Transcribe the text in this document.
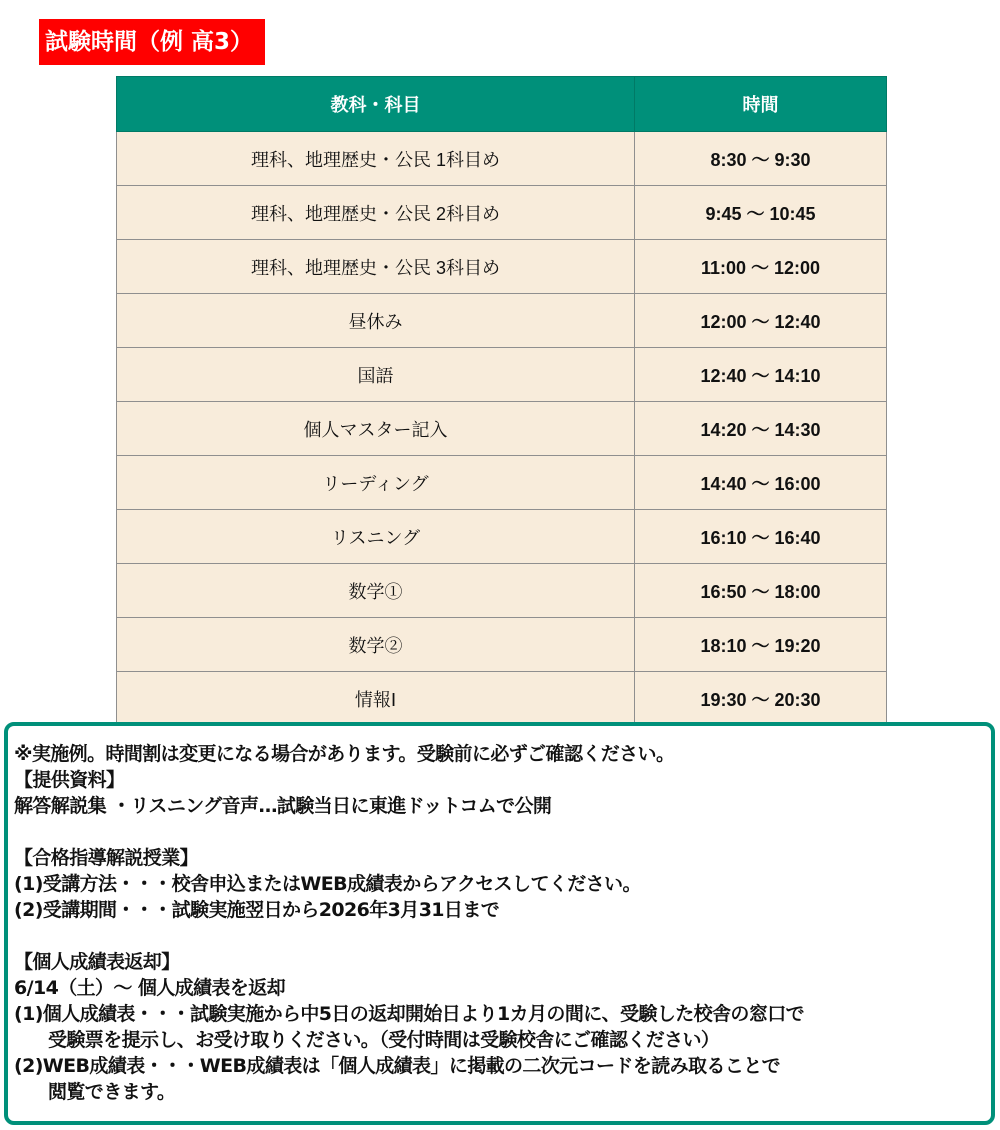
試験時間（例 高3）
教科・科目	時間
理科、地理歴史・公民 1科目め	8:30 〜 9:30
理科、地理歴史・公民 2科目め	9:45 〜 10:45
理科、地理歴史・公民 3科目め	11:00 〜 12:00
昼休み	12:00 〜 12:40
国語	12:40 〜 14:10
個人マスター記入	14:20 〜 14:30
リーディング	14:40 〜 16:00
リスニング	16:10 〜 16:40
数学①	16:50 〜 18:00
数学②	18:10 〜 19:20
情報Ⅰ	19:30 〜 20:30
※実施例。時間割は変更になる場合があります。受験前に必ずご確認ください。
【提供資料】
解答解説集 ・リスニング音声…試験当日に東進ドットコムで公開
【合格指導解説授業】
(1)受講方法・・・校舎申込またはWEB成績表からアクセスしてください。
(2)受講期間・・・試験実施翌日から2026年3月31日まで
【個人成績表返却】
6/14（土）〜 個人成績表を返却
(1)個人成績表・・・試験実施から中5日の返却開始日より1カ月の間に、受験した校舎の窓口で
受験票を提示し、お受け取りください。（受付時間は受験校舎にご確認ください）
(2)WEB成績表・・・WEB成績表は「個人成績表」に掲載の二次元コードを読み取ることで
閲覧できます。
